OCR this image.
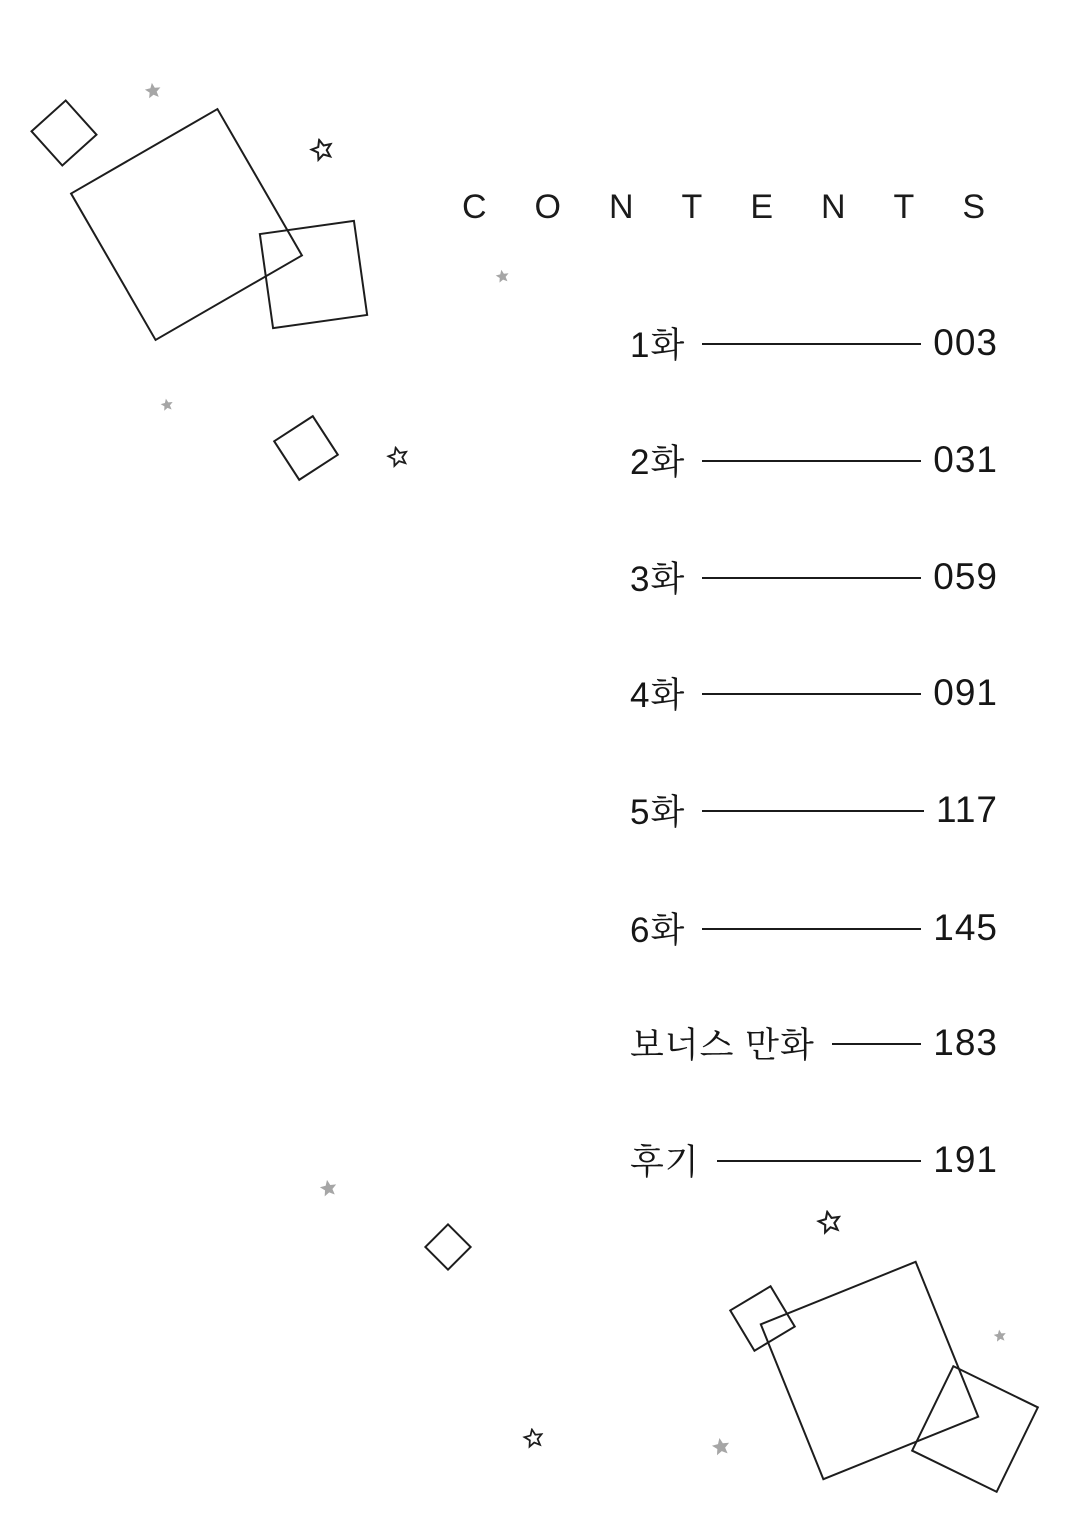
CONTENTS
1화	003
2화	031
3화	059
4화	091
5화	117
6화	145
보너스 만화	183
후기	191
